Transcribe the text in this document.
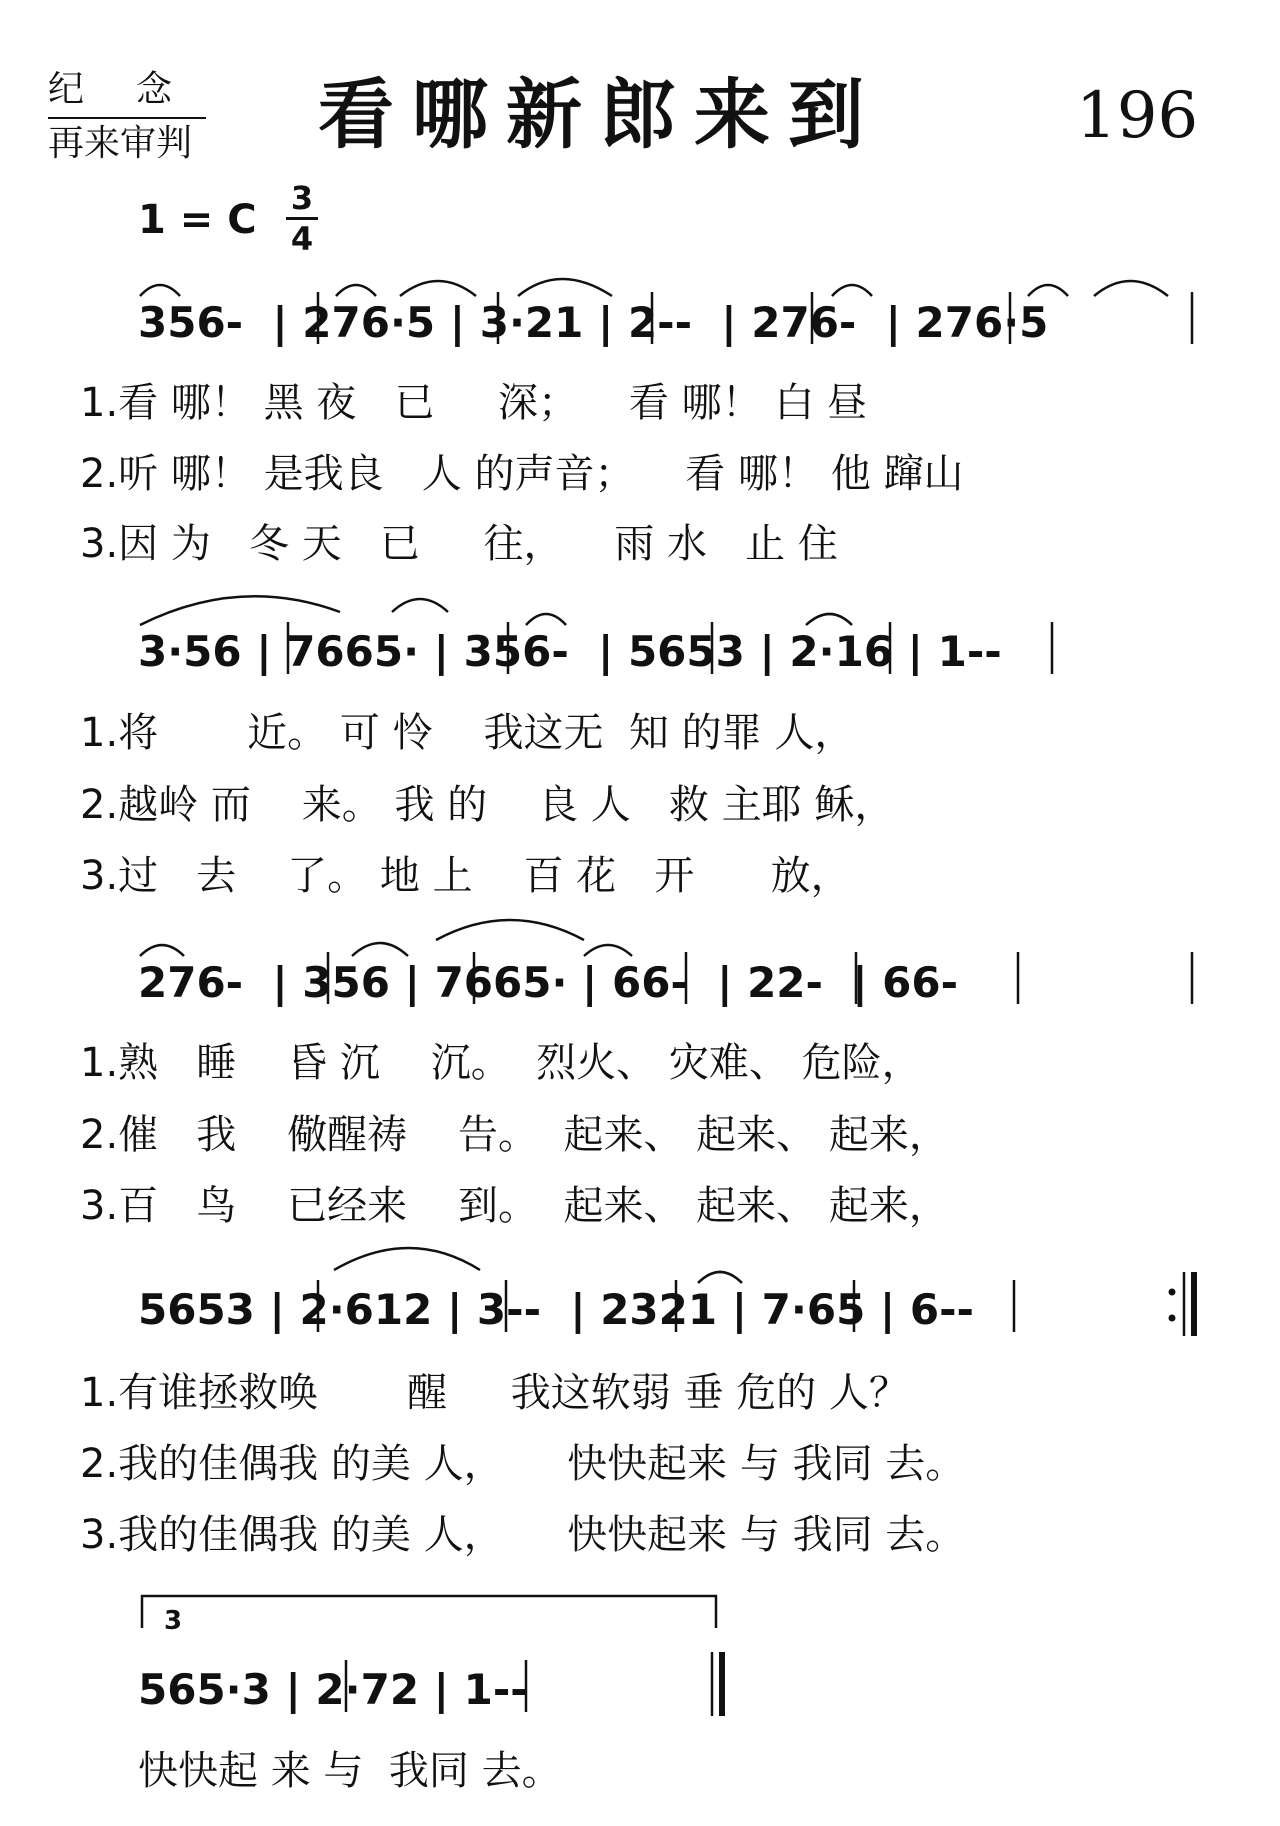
纪念
再来审判 看哪新郎来到	196
1 = C 3
4
356-  | 276·5 | 3·21 | 2--  | 276-  | 276·5
1.看 哪！ 黑 夜   已     深；    看 哪！ 白 昼
2.听 哪！ 是我良   人 的声音；    看 哪！ 他 蹿山
3.因 为   冬 天   已     往，    雨 水   止 住
3·56 | 7665· | 356-  | 5653 | 2·16 | 1--
1.将       近。 可 怜    我这无  知 的罪 人，
2.越岭 而    来。 我 的    良 人   救 主耶 稣，
3.过   去    了。 地 上    百 花   开      放，
276-  | 356 | 7665· | 66-  | 22-  | 66-
1.熟   睡    昏 沉    沉。  烈火、 灾难、 危险，
2.催   我    儆醒祷    告。  起来、 起来、 起来，
3.百   鸟    已经来    到。  起来、 起来、 起来，
5653 | 2·612 | 3--  | 2321 | 7·65 | 6--
1.有谁拯救唤       醒     我这软弱 垂 危的 人？
2.我的佳偶我 的美 人，     快快起来 与 我同 去。
3.我的佳偶我 的美 人，     快快起来 与 我同 去。
3
565·3 | 2·72 | 1--
快快起 来 与  我同 去。
